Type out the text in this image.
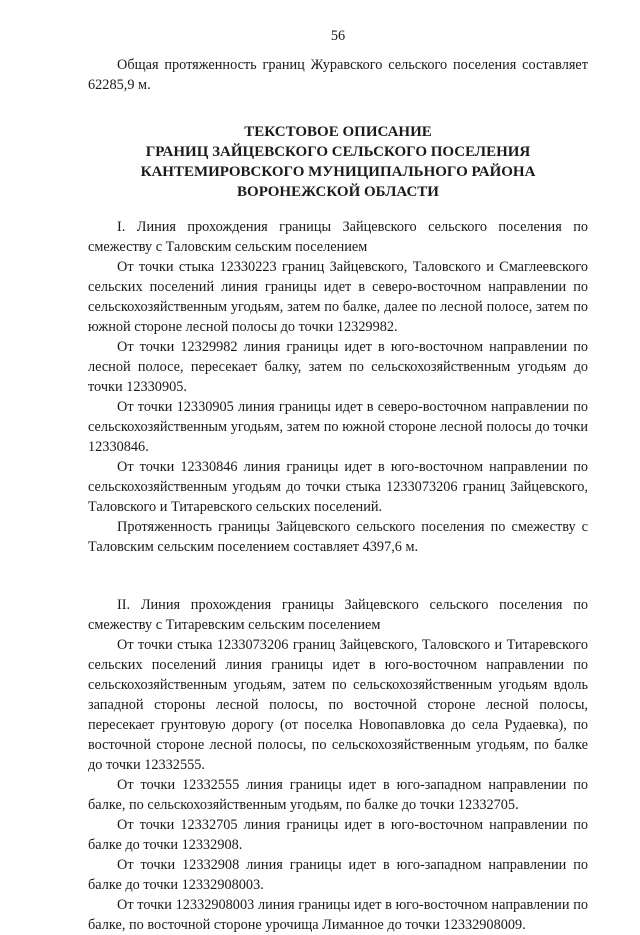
56

Общая протяженность границ Журавского сельского поселения составляет 62285,9 м.

ТЕКСТОВОЕ ОПИСАНИЕ
ГРАНИЦ ЗАЙЦЕВСКОГО СЕЛЬСКОГО ПОСЕЛЕНИЯ
КАНТЕМИРОВСКОГО МУНИЦИПАЛЬНОГО РАЙОНА
ВОРОНЕЖСКОЙ ОБЛАСТИ

I. Линия прохождения границы Зайцевского сельского поселения по смежеству с Таловским сельским поселением

От точки стыка 12330223 границ Зайцевского, Таловского и Смаглеевского сельских поселений линия границы идет в северо-восточном направлении по сельскохозяйственным угодьям, затем по балке, далее по лесной полосе, затем по южной стороне лесной полосы до точки 12329982.

От точки 12329982 линия границы идет в юго-восточном направлении по лесной полосе, пересекает балку, затем по сельскохозяйственным угодьям до точки 12330905.

От точки 12330905 линия границы идет в северо-восточном направлении по сельскохозяйственным угодьям, затем по южной стороне лесной полосы до точки 12330846.

От точки 12330846 линия границы идет в юго-восточном направлении по сельскохозяйственным угодьям до точки стыка 1233073206 границ Зайцевского, Таловского и Титаревского сельских поселений.

Протяженность границы Зайцевского сельского поселения по смежеству с Таловским сельским поселением составляет 4397,6 м.

II. Линия прохождения границы Зайцевского сельского поселения по смежеству с Титаревским сельским поселением

От точки стыка 1233073206 границ Зайцевского, Таловского и Титаревского сельских поселений линия границы идет в юго-восточном направлении по сельскохозяйственным угодьям, затем по сельскохозяйственным угодьям вдоль западной стороны лесной полосы, по восточной стороне лесной полосы, пересекает грунтовую дорогу (от поселка Новопавловка до села Рудаевка), по восточной стороне лесной полосы, по сельскохозяйственным угодьям, по балке до точки 12332555.

От точки 12332555 линия границы идет в юго-западном направлении по балке, по сельскохозяйственным угодьям, по балке до точки 12332705.

От точки 12332705 линия границы идет в юго-восточном направлении по балке до точки 12332908.

От точки 12332908 линия границы идет в юго-западном направлении по балке до точки 12332908003.

От точки 12332908003 линия границы идет в юго-восточном направлении по балке, по восточной стороне урочища Лиманное до точки 12332908009.
